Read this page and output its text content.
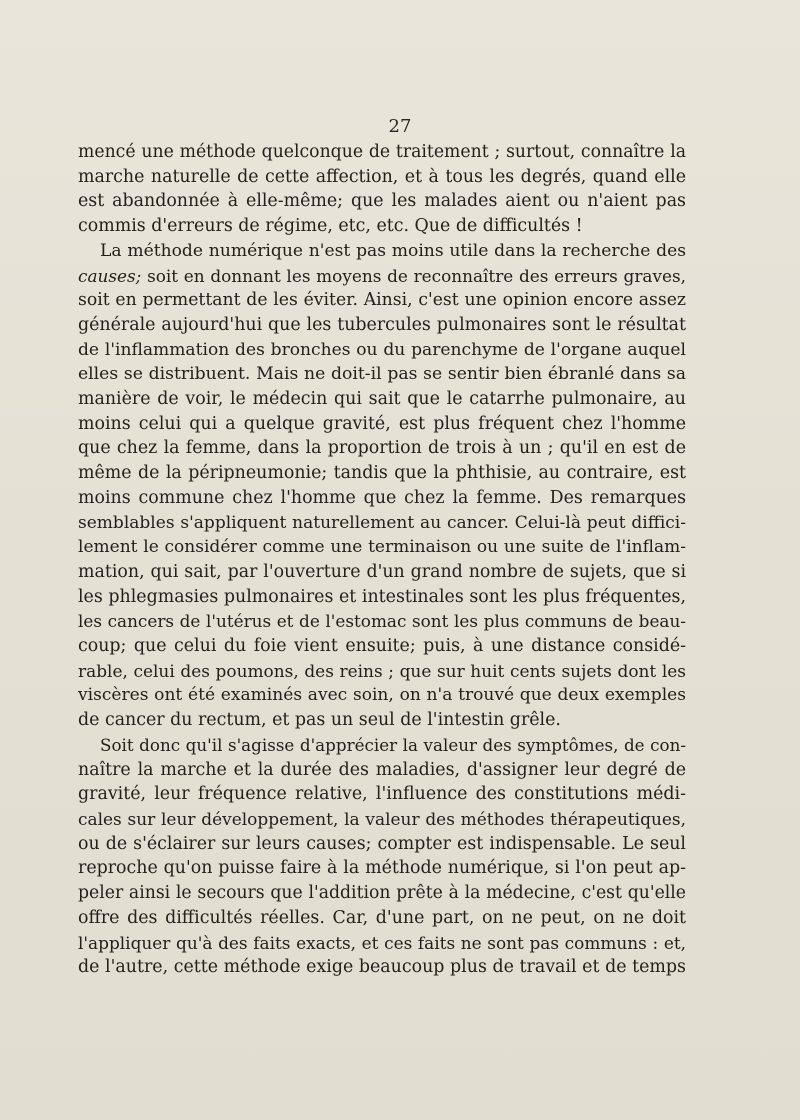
27
mencé une méthode quelconque de traitement ; surtout, connaître la
marche naturelle de cette affection, et à tous les degrés, quand elle
est abandonnée à elle-même; que les malades aient ou n'aient pas
commis d'erreurs de régime, etc, etc. Que de difficultés !
La méthode numérique n'est pas moins utile dans la recherche des
causes; soit en donnant les moyens de reconnaître des erreurs graves,
soit en permettant de les éviter. Ainsi, c'est une opinion encore assez
générale aujourd'hui que les tubercules pulmonaires sont le résultat
de l'inflammation des bronches ou du parenchyme de l'organe auquel
elles se distribuent. Mais ne doit-il pas se sentir bien ébranlé dans sa
manière de voir, le médecin qui sait que le catarrhe pulmonaire, au
moins celui qui a quelque gravité, est plus fréquent chez l'homme
que chez la femme, dans la proportion de trois à un ; qu'il en est de
même de la péripneumonie; tandis que la phthisie, au contraire, est
moins commune chez l'homme que chez la femme. Des remarques
semblables s'appliquent naturellement au cancer. Celui-là peut diffici-
lement le considérer comme une terminaison ou une suite de l'inflam-
mation, qui sait, par l'ouverture d'un grand nombre de sujets, que si
les phlegmasies pulmonaires et intestinales sont les plus fréquentes,
les cancers de l'utérus et de l'estomac sont les plus communs de beau-
coup; que celui du foie vient ensuite; puis, à une distance considé-
rable, celui des poumons, des reins ; que sur huit cents sujets dont les
viscères ont été examinés avec soin, on n'a trouvé que deux exemples
de cancer du rectum, et pas un seul de l'intestin grêle.
Soit donc qu'il s'agisse d'apprécier la valeur des symptômes, de con-
naître la marche et la durée des maladies, d'assigner leur degré de
gravité, leur fréquence relative, l'influence des constitutions médi-
cales sur leur développement, la valeur des méthodes thérapeutiques,
ou de s'éclairer sur leurs causes; compter est indispensable. Le seul
reproche qu'on puisse faire à la méthode numérique, si l'on peut ap-
peler ainsi le secours que l'addition prête à la médecine, c'est qu'elle
offre des difficultés réelles. Car, d'une part, on ne peut, on ne doit
l'appliquer qu'à des faits exacts, et ces faits ne sont pas communs : et,
de l'autre, cette méthode exige beaucoup plus de travail et de temps
